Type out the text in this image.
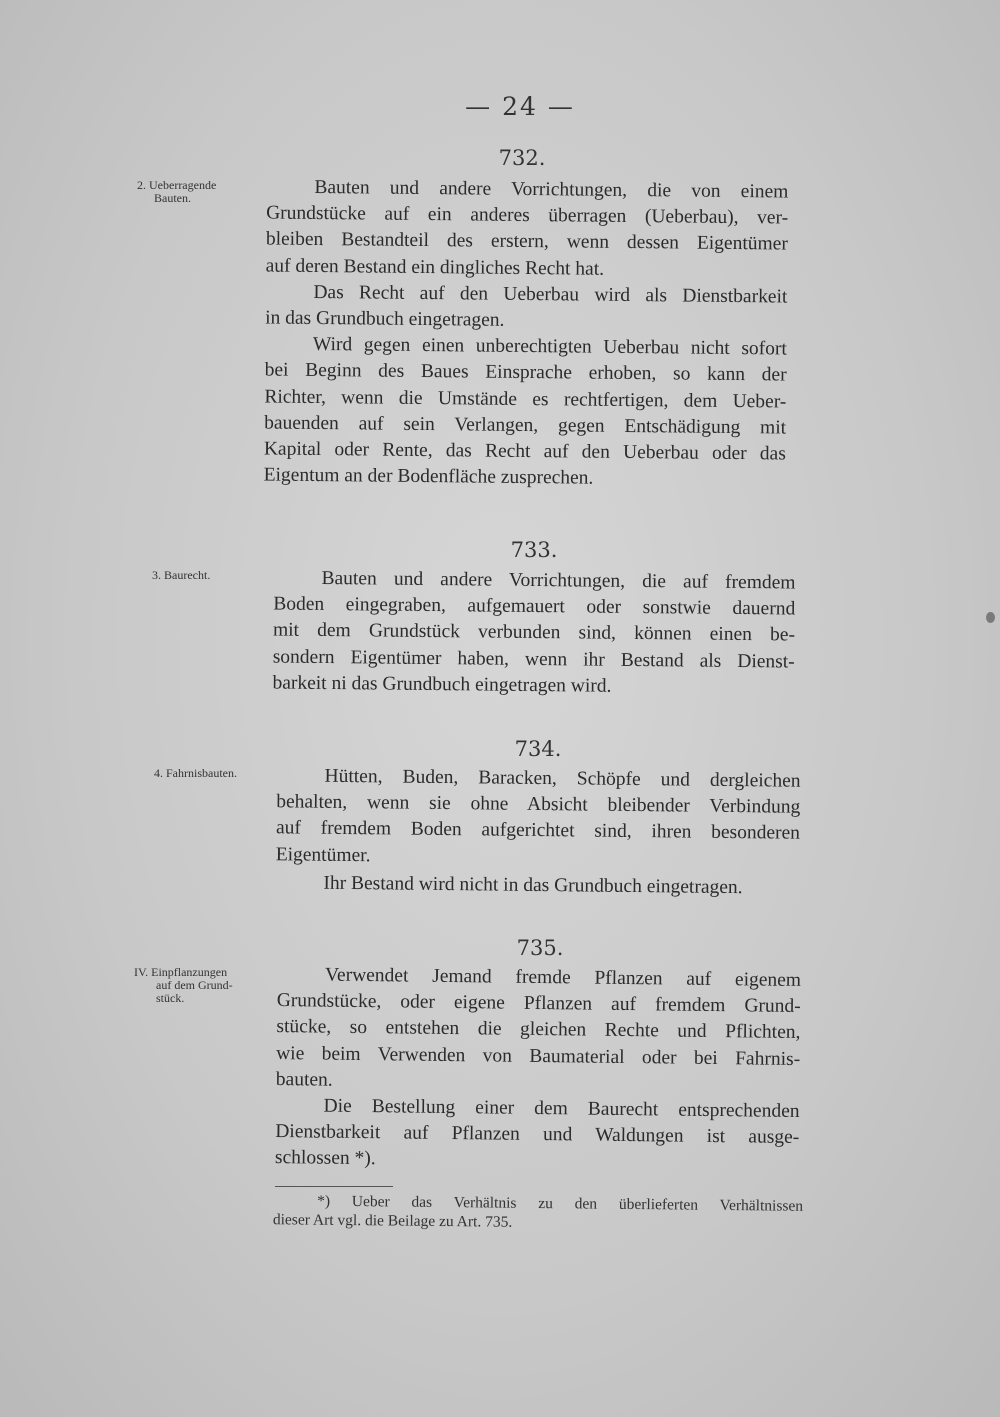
— 24 —
732.
2. Ueberragende
Bauten.	Bauten und andere Vorrichtungen, die von einem
Grundstücke auf ein anderes überragen (Ueberbau), ver-
bleiben Bestandteil des erstern, wenn dessen Eigentümer
auf deren Bestand ein dingliches Recht hat.

Das Recht auf den Ueberbau wird als Dienstbarkeit
in das Grundbuch eingetragen.

Wird gegen einen unberechtigten Ueberbau nicht sofort
bei Beginn des Baues Einsprache erhoben, so kann der
Richter, wenn die Umstände es rechtfertigen, dem Ueber-
bauenden auf sein Verlangen, gegen Entschädigung mit
Kapital oder Rente, das Recht auf den Ueberbau oder das
Eigentum an der Bodenfläche zusprechen.

733.
3. Baurecht.	Bauten und andere Vorrichtungen, die auf fremdem
Boden eingegraben, aufgemauert oder sonstwie dauernd
mit dem Grundstück verbunden sind, können einen be-
sondern Eigentümer haben, wenn ihr Bestand als Dienst-
barkeit ni das Grundbuch eingetragen wird.

734.
4. Fahrnisbauten.	Hütten, Buden, Baracken, Schöpfe und dergleichen
behalten, wenn sie ohne Absicht bleibender Verbindung
auf fremdem Boden aufgerichtet sind, ihren besonderen
Eigentümer.

Ihr Bestand wird nicht in das Grundbuch eingetragen.

735.
IV. Einpflanzungen
auf dem Grund-
stück.

Verwendet Jemand fremde Pflanzen auf eigenem
Grundstücke, oder eigene Pflanzen auf fremdem Grund-
stücke, so entstehen die gleichen Rechte und Pflichten,
wie beim Verwenden von Baumaterial oder bei Fahrnis-
bauten.

Die Bestellung einer dem Baurecht entsprechenden
Dienstbarkeit auf Pflanzen und Waldungen ist ausge-
schlossen *).

*) Ueber das Verhältnis zu den überlieferten Verhältnissen
dieser Art vgl. die Beilage zu Art. 735.
